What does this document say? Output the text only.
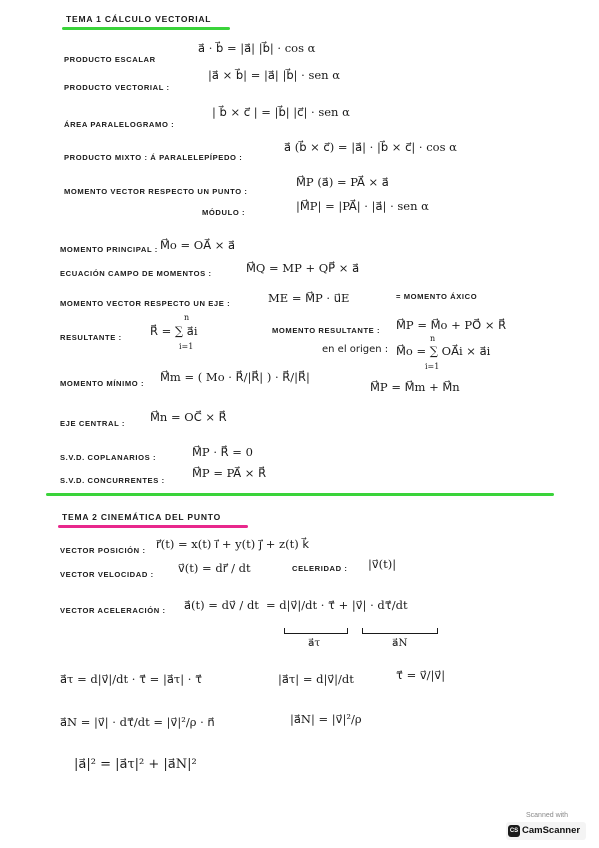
TEMA 1 CÁLCULO VECTORIAL
PRODUCTO ESCALAR
a⃗ · b⃗ = |a⃗| |b⃗| · cos α
PRODUCTO VECTORIAL :
|a⃗ × b⃗| = |a⃗| |b⃗| · sen α
ÁREA PARALELOGRAMO :
| b⃗ × c⃗ | = |b⃗| |c⃗| · sen α
PRODUCTO MIXTO : Á PARALELEPÍPEDO :
a⃗ (b⃗ × c⃗) = |a⃗| · |b⃗ × c⃗| · cos α
MOMENTO VECTOR RESPECTO UN PUNTO :
M⃗P (a⃗) = PA⃗ × a⃗
MÓDULO :	|M⃗P| = |PA⃗| · |a⃗| · sen α
MOMENTO PRINCIPAL : M⃗o = OA⃗ × a⃗
ECUACIÓN CAMPO DE MOMENTOS :	M⃗Q = MP + QP⃗ × a⃗
MOMENTO VECTOR RESPECTO UN EJE :	ME = M⃗P · u⃗E	= MOMENTO ÁXICO
RESULTANTE : R⃗ = ∑ a⃗i
n
i=1
MOMENTO RESULTANTE : M⃗P = M⃗o + PO⃗ × R⃗
en el origen : M⃗o = ∑ OA⃗i × a⃗i
n
i=1
MOMENTO MÍNIMO : M⃗m = ( Mo · R⃗/|R⃗| ) · R⃗/|R⃗|
M⃗P = M⃗m + M⃗n
EJE CENTRAL : M⃗n = OC⃗ × R⃗
S.V.D. COPLANARIOS :	M⃗P · R⃗ = 0
S.V.D. CONCURRENTES :
M⃗P = PA⃗ × R⃗
TEMA 2 CINEMÁTICA DEL PUNTO
VECTOR POSICIÓN : r⃗(t) = x(t) i⃗ + y(t) j⃗ + z(t) k⃗
VECTOR VELOCIDAD : v⃗(t) = dr⃗ / dt	CELERIDAD : |v⃗(t)|
VECTOR ACELERACIÓN : a⃗(t) = dv⃗ / dt = d|v⃗|/dt · τ⃗ + |v⃗| · dτ⃗/dt
a⃗τ	a⃗N
a⃗τ = d|v⃗|/dt · τ⃗ = |a⃗τ| · τ⃗	|a⃗τ| = d|v⃗|/dt	τ⃗ = v⃗/|v⃗|
a⃗N = |v⃗| · dτ⃗/dt = |v⃗|²/ρ · n⃗	|a⃗N| = |v⃗|²/ρ
|a⃗|² = |a⃗τ|² + |a⃗N|²
Scanned with
CS CamScanner
